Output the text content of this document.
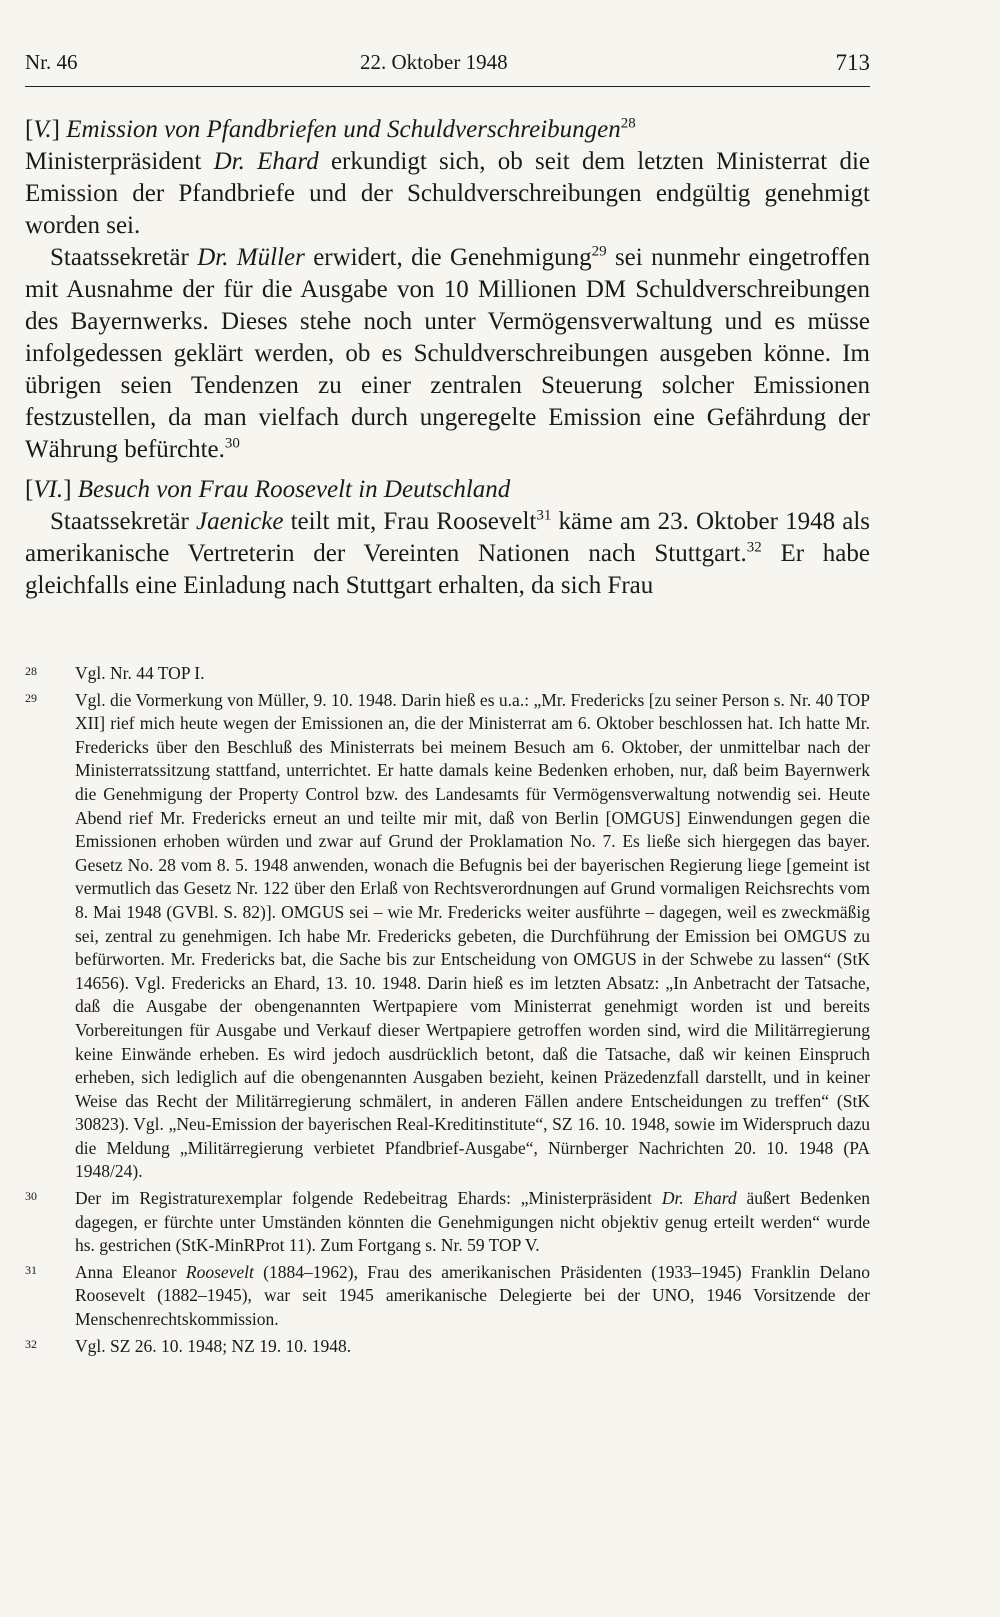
Nr. 46	22. Oktober 1948	713

[V.] Emission von Pfandbriefen und Schuldverschreibungen$^{28}$

Ministerpräsident Dr. Ehard erkundigt sich, ob seit dem letzten Ministerrat die Emission der Pfandbriefe und der Schuldverschreibungen endgültig genehmigt worden sei.

Staatssekretär Dr. Müller erwidert, die Genehmigung$^{29}$ sei nunmehr eingetroffen mit Ausnahme der für die Ausgabe von 10 Millionen DM Schuldverschreibungen des Bayernwerks. Dieses stehe noch unter Vermögensverwaltung und es müsse infolgedessen geklärt werden, ob es Schuldverschreibungen ausgeben könne. Im übrigen seien Tendenzen zu einer zentralen Steuerung solcher Emissionen festzustellen, da man vielfach durch ungeregelte Emission eine Gefährdung der Währung befürchte.$^{30}$

[VI.] Besuch von Frau Roosevelt in Deutschland

Staatssekretär Jaenicke teilt mit, Frau Roosevelt$^{31}$ käme am 23. Oktober 1948 als amerikanische Vertreterin der Vereinten Nationen nach Stuttgart.$^{32}$ Er habe gleichfalls eine Einladung nach Stuttgart erhalten, da sich Frau

28 Vgl. Nr. 44 TOP I.

29 Vgl. die Vormerkung von Müller, 9. 10. 1948. Darin hieß es u.a.: „Mr. Fredericks [zu seiner Person s. Nr. 40 TOP XII] rief mich heute wegen der Emissionen an, die der Ministerrat am 6. Oktober beschlossen hat. Ich hatte Mr. Fredericks über den Beschluß des Ministerrats bei meinem Besuch am 6. Oktober, der unmittelbar nach der Ministerratssitzung stattfand, unterrichtet. Er hatte damals keine Bedenken erhoben, nur, daß beim Bayernwerk die Genehmigung der Property Control bzw. des Landesamts für Vermögensverwaltung notwendig sei. Heute Abend rief Mr. Fredericks erneut an und teilte mir mit, daß von Berlin [OMGUS] Einwendungen gegen die Emissionen erhoben würden und zwar auf Grund der Proklamation No. 7. Es ließe sich hiergegen das bayer. Gesetz No. 28 vom 8. 5. 1948 anwenden, wonach die Befugnis bei der bayerischen Regierung liege [gemeint ist vermutlich das Gesetz Nr. 122 über den Erlaß von Rechtsverordnungen auf Grund vormaligen Reichsrechts vom 8. Mai 1948 (GVBl. S. 82)]. OMGUS sei – wie Mr. Fredericks weiter ausführte – dagegen, weil es zweckmäßig sei, zentral zu genehmigen. Ich habe Mr. Fredericks gebeten, die Durchführung der Emission bei OMGUS zu befürworten. Mr. Fredericks bat, die Sache bis zur Entscheidung von OMGUS in der Schwebe zu lassen“ (StK 14656). Vgl. Fredericks an Ehard, 13. 10. 1948. Darin hieß es im letzten Absatz: „In Anbetracht der Tatsache, daß die Ausgabe der obengenannten Wertpapiere vom Ministerrat genehmigt worden ist und bereits Vorbereitungen für Ausgabe und Verkauf dieser Wertpapiere getroffen worden sind, wird die Militärregierung keine Einwände erheben. Es wird jedoch ausdrücklich betont, daß die Tatsache, daß wir keinen Einspruch erheben, sich lediglich auf die obengenannten Ausgaben bezieht, keinen Präzedenzfall darstellt, und in keiner Weise das Recht der Militärregierung schmälert, in anderen Fällen andere Entscheidungen zu treffen“ (StK 30823). Vgl. „Neu-Emission der bayerischen Real-Kreditinstitute“, SZ 16. 10. 1948, sowie im Widerspruch dazu die Meldung „Militärregierung verbietet Pfandbrief-Ausgabe“, Nürnberger Nachrichten 20. 10. 1948 (PA 1948/24).

30 Der im Registraturexemplar folgende Redebeitrag Ehards: „Ministerpräsident Dr. Ehard äußert Bedenken dagegen, er fürchte unter Umständen könnten die Genehmigungen nicht objektiv genug erteilt werden“ wurde hs. gestrichen (StK-MinRProt 11). Zum Fortgang s. Nr. 59 TOP V.

31 Anna Eleanor Roosevelt (1884–1962), Frau des amerikanischen Präsidenten (1933–1945) Franklin Delano Roosevelt (1882–1945), war seit 1945 amerikanische Delegierte bei der UNO, 1946 Vorsitzende der Menschenrechtskommission.

32 Vgl. SZ 26. 10. 1948; NZ 19. 10. 1948.
